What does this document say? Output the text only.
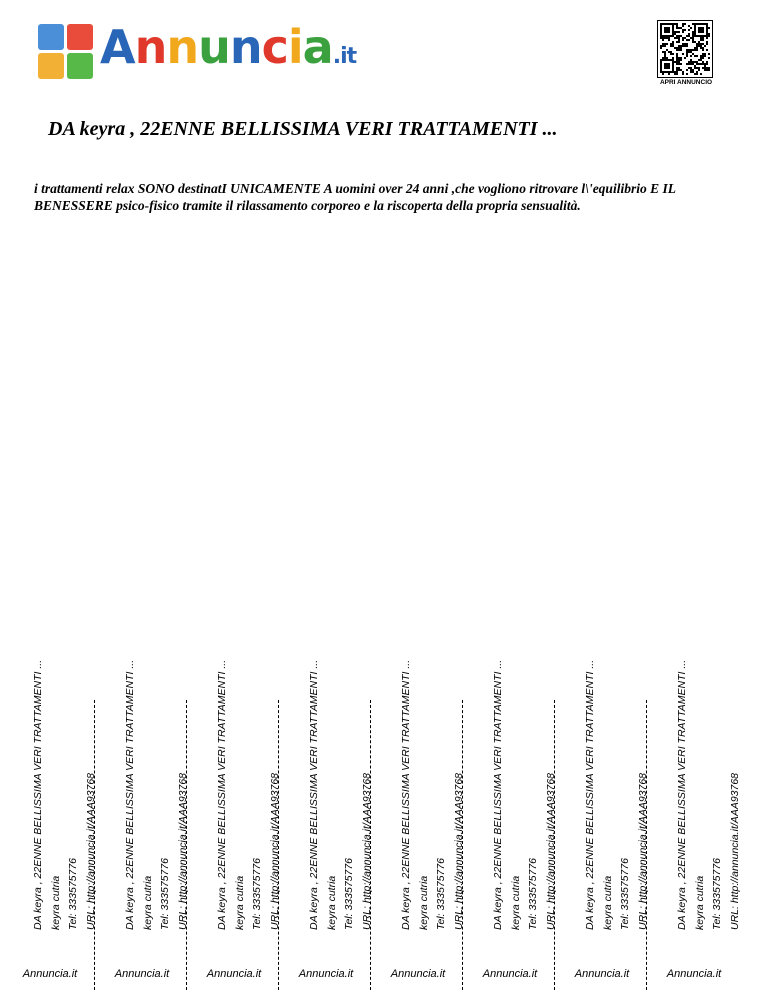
Annuncia.it
APRI ANNUNCIO
DA keyra , 22ENNE BELLISSIMA VERI TRATTAMENTI ...

i trattamenti relax SONO destinatI UNICAMENTE A uomini over 24 anni ,che vogliono ritrovare l\'equilibrio E IL BENESSERE psico-fisico tramite il rilassamento corporeo e la riscoperta della propria sensualità.

DA keyra , 22ENNE BELLISSIMA VERI TRATTAMENTI ... keyra cutria Tel: 333575776 URL: http://annuncia.it/AAA93768
Annuncia.it
DA keyra , 22ENNE BELLISSIMA VERI TRATTAMENTI ... keyra cutria Tel: 333575776 URL: http://annuncia.it/AAA93768
Annuncia.it
DA keyra , 22ENNE BELLISSIMA VERI TRATTAMENTI ... keyra cutria Tel: 333575776 URL: http://annuncia.it/AAA93768
Annuncia.it
DA keyra , 22ENNE BELLISSIMA VERI TRATTAMENTI ... keyra cutria Tel: 333575776 URL: http://annuncia.it/AAA93768
Annuncia.it
DA keyra , 22ENNE BELLISSIMA VERI TRATTAMENTI ... keyra cutria Tel: 333575776 URL: http://annuncia.it/AAA93768
Annuncia.it
DA keyra , 22ENNE BELLISSIMA VERI TRATTAMENTI ... keyra cutria Tel: 333575776 URL: http://annuncia.it/AAA93768
Annuncia.it
DA keyra , 22ENNE BELLISSIMA VERI TRATTAMENTI ... keyra cutria Tel: 333575776 URL: http://annuncia.it/AAA93768
Annuncia.it
DA keyra , 22ENNE BELLISSIMA VERI TRATTAMENTI ... keyra cutria Tel: 333575776 URL: http://annuncia.it/AAA93768
Annuncia.it
